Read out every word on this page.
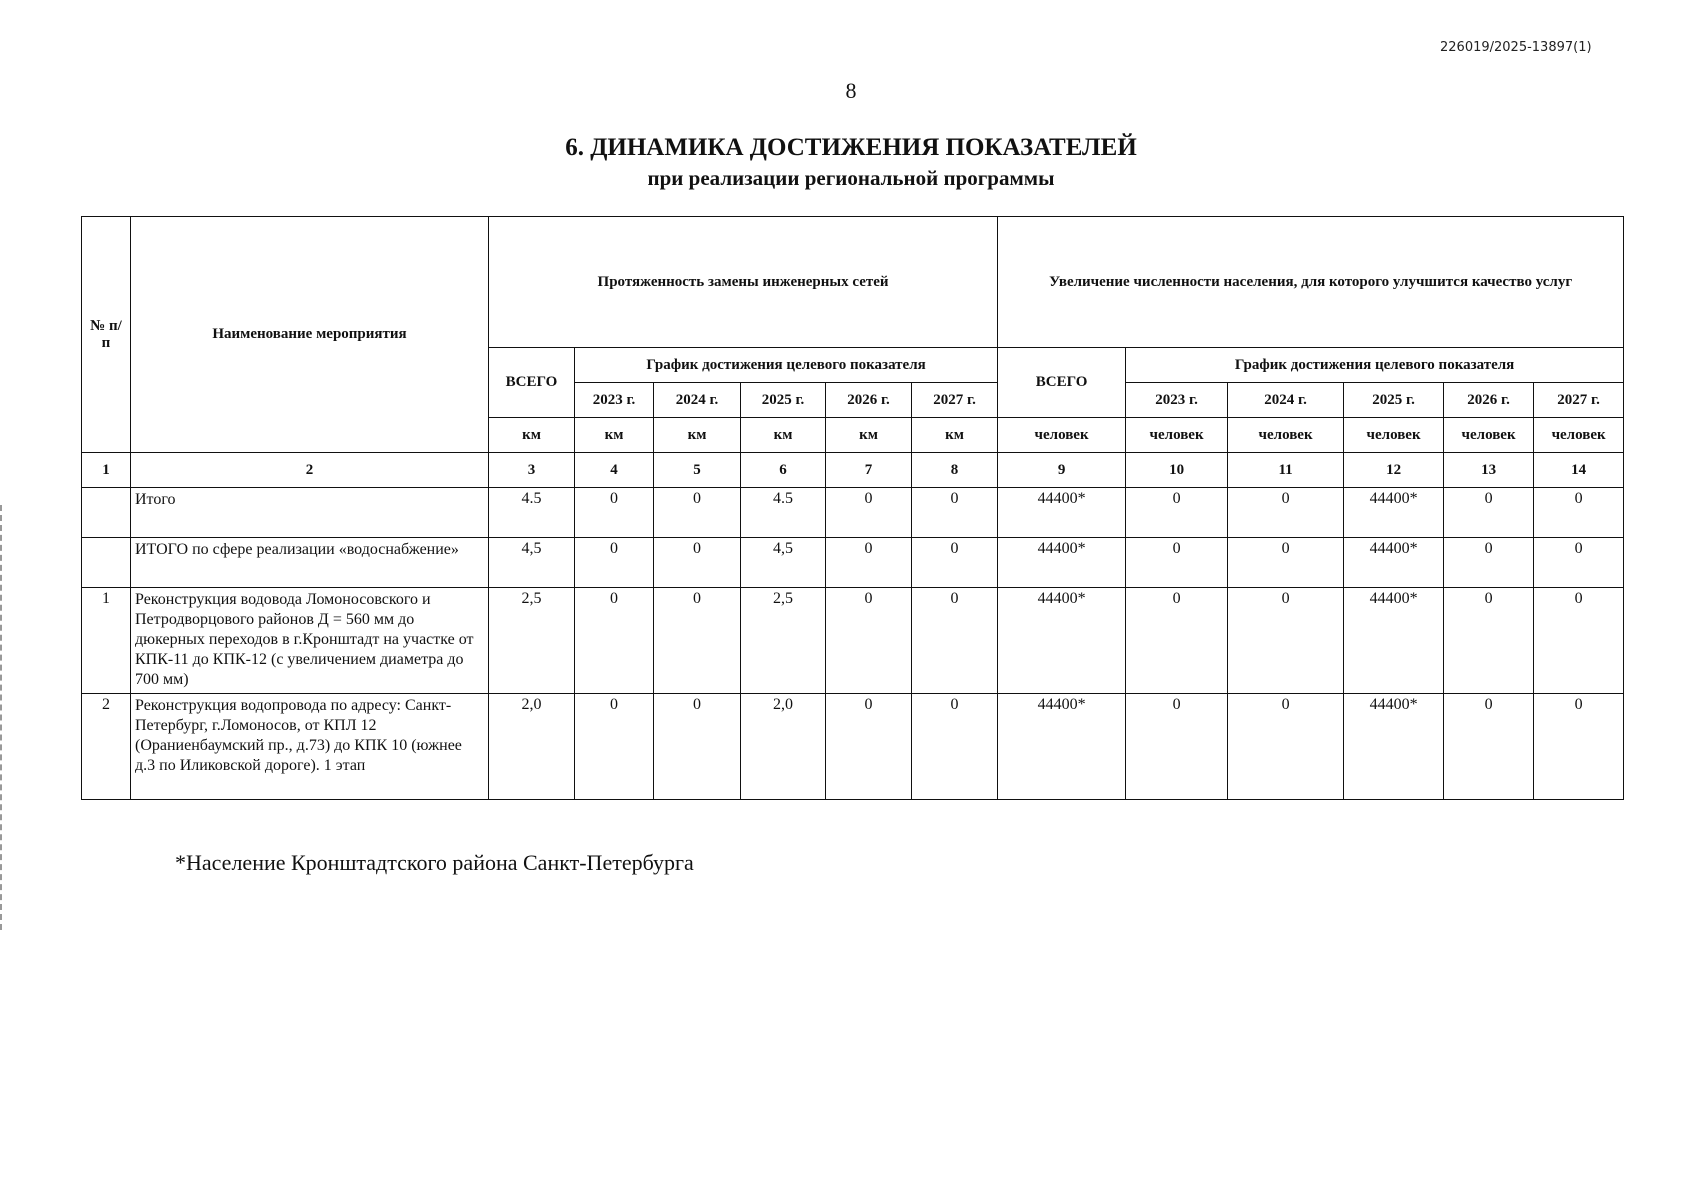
226019/2025-13897(1)
8
6. ДИНАМИКА ДОСТИЖЕНИЯ ПОКАЗАТЕЛЕЙ
при реализации региональной программы
№ п/п	Наименование мероприятия	Протяженность замены инженерных сетей						Увеличение численности населения, для которого улучшится качество услуг					
		ВСЕГО	График достижения целевого показателя					ВСЕГО	График достижения целевого показателя				
			2023 г.	2024 г.	2025 г.	2026 г.	2027 г.		2023 г.	2024 г.	2025 г.	2026 г.	2027 г.
		км	км	км	км	км	км	человек	человек	человек	человек	человек	человек
1	2	3	4	5	6	7	8	9	10	11	12	13	14
	Итого	4.5	0	0	4.5	0	0	44400*	0	0	44400*	0	0
	ИТОГО по сфере реализации «водоснабжение»	4,5	0	0	4,5	0	0	44400*	0	0	44400*	0	0
1	Реконструкция водовода Ломоносовского и Петродворцового районов Д = 560 мм до дюкерных переходов в г.Кронштадт на участке от КПК-11 до КПК-12 (с увеличением диаметра до 700 мм)	2,5	0	0	2,5	0	0	44400*	0	0	44400*	0	0
2	Реконструкция водопровода по адресу: Санкт-Петербург, г.Ломоносов, от КПЛ 12 (Ораниенбаумский пр., д.73) до КПК 10 (южнее д.3 по Иликовской дороге). 1 этап	2,0	0	0	2,0	0	0	44400*	0	0	44400*	0	0
*Население Кронштадтского района Санкт-Петербурга
